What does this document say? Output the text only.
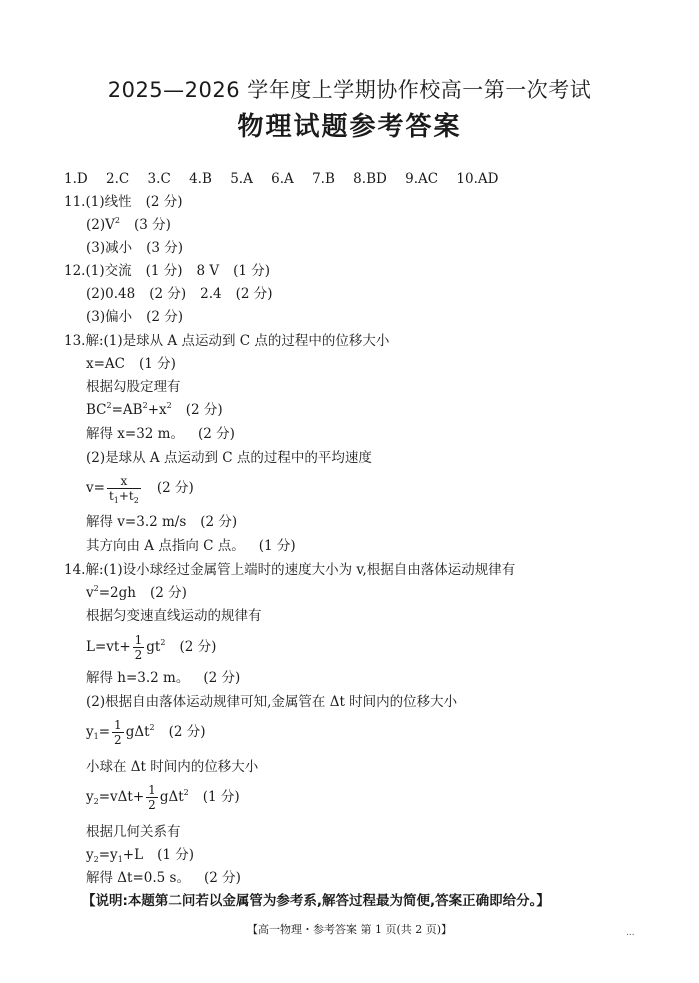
2025—2026 学年度上学期协作校高一第一次考试
物理试题参考答案
1.D 2.C 3.C 4.B 5.A 6.A 7.B 8.BD 9.AC 10.AD
11.(1)线性 (2 分)
$(2)V^2$ (3 分)
(3)减小 (3 分)
12.(1)交流 (1 分) 8 V (1 分)
(2)0.48 (2 分) 2.4 (2 分)
(3)偏小 (2 分)
13.解:(1)是球从 A 点运动到 C 点的过程中的位移大小
x=AC (1 分)
根据勾股定理有
$BC^2=AB^2+x^2$ (2 分)
解得 x=32 m。 (2 分)
(2)是球从 A 点运动到 C 点的过程中的平均速度
$v= \frac{x}{t_1+t_2} (2$ 分)
解得 v=3.2 m/s (2 分)
其方向由 A 点指向 C 点。 (1 分)
14.解:(1)设小球经过金属管上端时的速度大小为 v,根据自由落体运动规律有
$v^2=2gh$ (2 分)
根据匀变速直线运动的规律有
$L=vt+ \frac{1}{2} gt^2$ (2 分)
解得 h=3.2 m。 (2 分)
(2)根据自由落体运动规律可知,金属管在 Δt 时间内的位移大小
$y_1= \frac{1}{2} g\Delta t^2$ (2 分)
小球在 Δt 时间内的位移大小
$y_2=v\Delta t+ \frac{1}{2} g\Delta t^2$ (1 分)
根据几何关系有
$y_2=y_1+L$ (1 分)
解得 Δt=0.5 s。 (2 分)
【说明:本题第二问若以金属管为参考系,解答过程最为简便,答案正确即给分。】
【高一物理・参考答案 第 1 页(共 2 页)】	...
